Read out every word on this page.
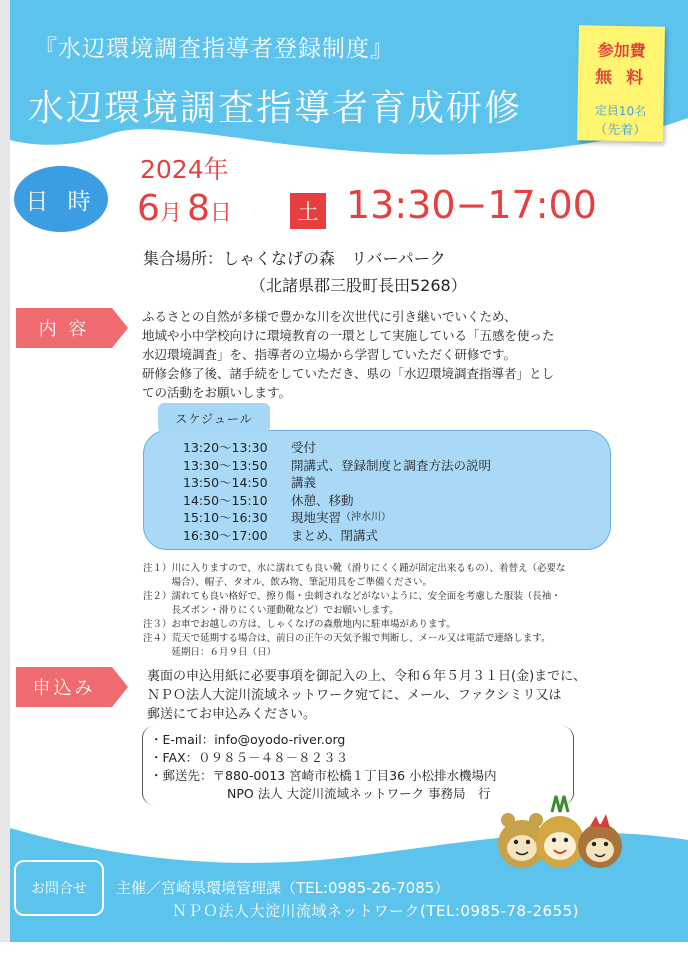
『水辺環境調査指導者登録制度』
水辺環境調査指導者育成研修
参加費
無 料
定員10名
（先着）
日 時
2024年
6月 8日	土 13:30−17:00
集合場所：しゃくなげの森　リバーパーク
（北諸県郡三股町長田5268）
内 容

ふるさとの自然が多様で豊かな川を次世代に引き継いでいくため、

地域や小中学校向けに環境教育の一環として実施している「五感を使った

水辺環境調査」を、指導者の立場から学習していただく研修です。

研修会修了後、諸手続をしていただき、県の「水辺環境調査指導者」とし

ての活動をお願いします。

スケジュール
13:20〜13:30	受付
13:30〜13:50	開講式、登録制度と調査方法の説明
13:50〜14:50	講義
14:50〜15:10	休憩、移動
15:10〜16:30	現地実習 （沖水川）
16:30〜17:00	まとめ、閉講式
注１）川に入りますので、水に濡れても良い靴（滑りにくく踵が固定出来るもの）、着替え（必要な
　　　場合）、帽子、タオル、飲み物、筆記用具をご準備ください。
注２）濡れても良い格好で、擦り傷・虫刺されなどがないように、安全面を考慮した服装（長袖・
　　　長ズボン・滑りにくい運動靴など）でお願いします。
注３）お車でお越しの方は、しゃくなげの森敷地内に駐車場があります。
注４）荒天で延期する場合は、前日の正午の天気予報で判断し、メール又は電話で連絡します。
　　　延期日：６月９日（日）
申込み
裏面の申込用紙に必要事項を御記入の上、令和６年５月３１日(金)までに、
ＮＰＯ法人大淀川流域ネットワーク宛てに、メール、ファクシミリ又は
郵送にてお申込みください。
・E-mail：info@oyodo-river.org
・FAX：０９８５－４８－８２３３
・郵送先：〒880-0013 宮崎市松橋１丁目36 小松排水機場内
NPO 法人 大淀川流域ネットワーク 事務局　行
お問合せ	主催／宮崎県環境管理課（TEL:0985-26-7085）
ＮＰＯ法人大淀川流域ネットワーク(TEL:0985-78-2655)
